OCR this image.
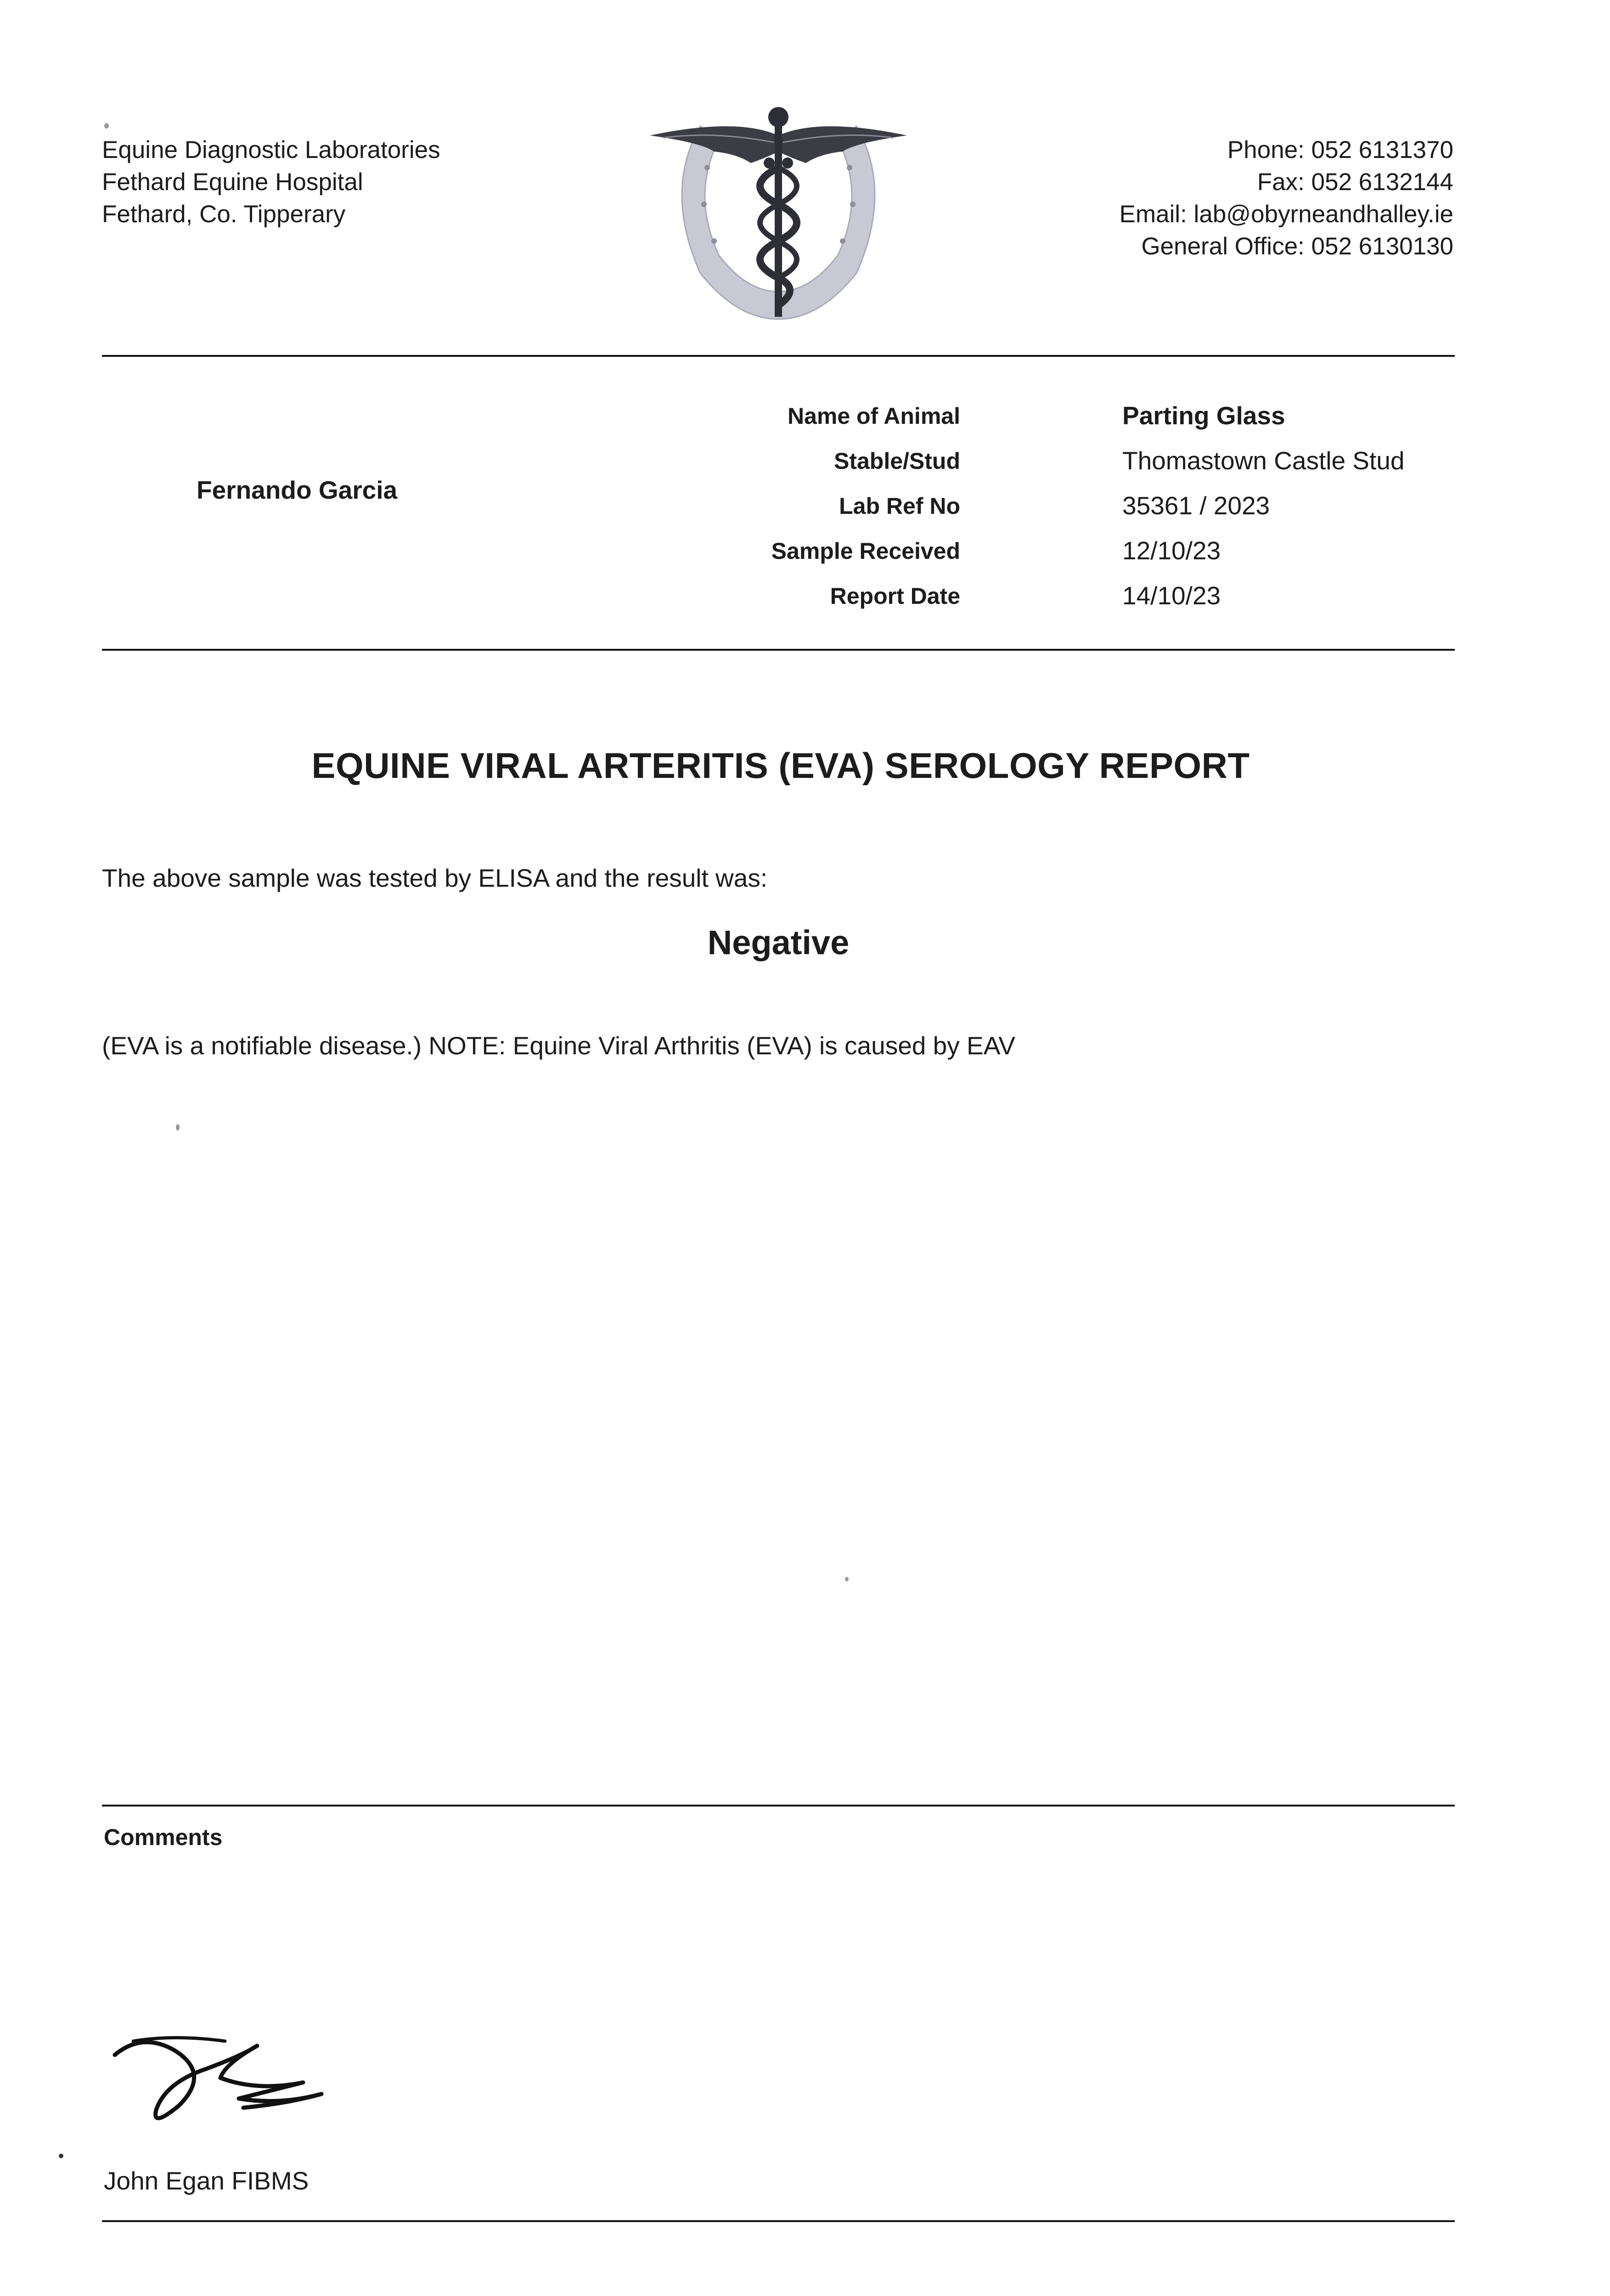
Equine Diagnostic Laboratories
Fethard Equine Hospital
Fethard, Co. Tipperary
Phone: 052 6131370
Fax: 052 6132144
Email: lab@obyrneandhalley.ie
General Office: 052 6130130
Fernando Garcia
Name of Animal	Parting Glass
Stable/Stud	Thomastown Castle Stud
Lab Ref No	35361 / 2023
Sample Received	12/10/23
Report Date	14/10/23
EQUINE VIRAL ARTERITIS (EVA) SEROLOGY REPORT
The above sample was tested by ELISA and the result was:
Negative
(EVA is a notifiable disease.) NOTE: Equine Viral Arthritis (EVA) is caused by EAV
Comments
John Egan FIBMS
